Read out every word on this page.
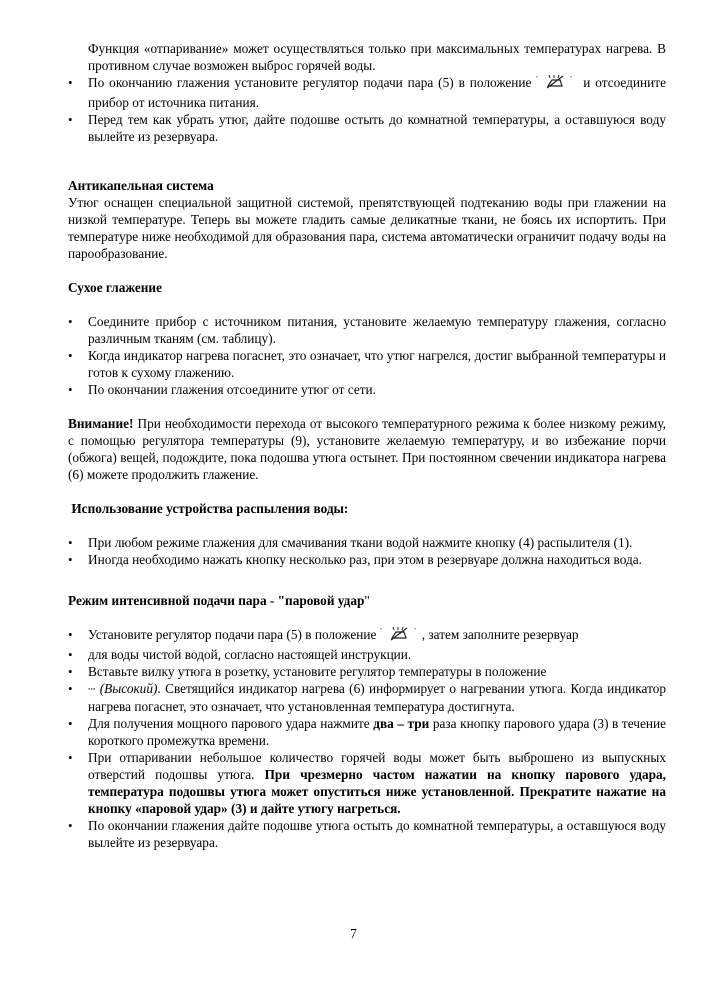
Функция «отпаривание» может осуществляться только при максимальных температурах нагрева. В противном случае возможен выброс горячей воды.

• По окончанию глажения установите регулятор подачи пара (5) в положение "	" и отсоедините прибор от источника питания.
• Перед тем как убрать утюг, дайте подошве остыть до комнатной температуры, а оставшуюся воду вылейте из резервуара.
Антикапельная система

Утюг оснащен специальной защитной системой, препятствующей подтеканию воды при глажении на низкой температуре. Теперь вы можете гладить самые деликатные ткани, не боясь их испортить. При температуре ниже необходимой для образования пара, система автоматически ограничит подачу воды на парообразование.

Сухое глажение
• Соедините прибор с источником питания, установите желаемую температуру глажения, согласно различным тканям (см. таблицу).
• Когда индикатор нагрева погаснет, это означает, что утюг нагрелся, достиг выбранной температуры и готов к сухому глажению.
• По окончании глажения отсоедините утюг от сети.

Внимание! При необходимости перехода от высокого температурного режима к более низкому режиму, с помощью регулятора температуры (9), установите желаемую температуру, и во избежание порчи (обжога) вещей, подождите, пока подошва утюга остынет. При постоянном свечении индикатора нагрева (6) можете продолжить глажение.

Использование устройства распыления воды:
• При любом режиме глажения для смачивания ткани водой нажмите кнопку (4) распылителя (1).
• Иногда необходимо нажать кнопку несколько раз, при этом в резервуаре должна находиться вода.
Режим интенсивной подачи пара - "паровой удар"
• Установите регулятор подачи пара (5) в положение "	" , затем заполните резервуар
• для воды чистой водой, согласно настоящей инструкции.
• Вставьте вилку утюга в розетку, установите регулятор температуры в положение
• ••• (Высокий). Светящийся индикатор нагрева (6) информирует о нагревании утюга. Когда индикатор нагрева погаснет, это означает, что установленная температура достигнута.
• Для получения мощного парового удара нажмите два – три раза кнопку парового удара (3) в течение короткого промежутка времени.
• При отпаривании небольшое количество горячей воды может быть выброшено из выпускных отверстий подошвы утюга. При чрезмерно частом нажатии на кнопку парового удара, температура подошвы утюга может опуститься ниже установленной. Прекратите нажатие на кнопку «паровой удар» (3) и дайте утюгу нагреться.
• По окончании глажения дайте подошве утюга остыть до комнатной температуры, а оставшуюся воду вылейте из резервуара.
7
